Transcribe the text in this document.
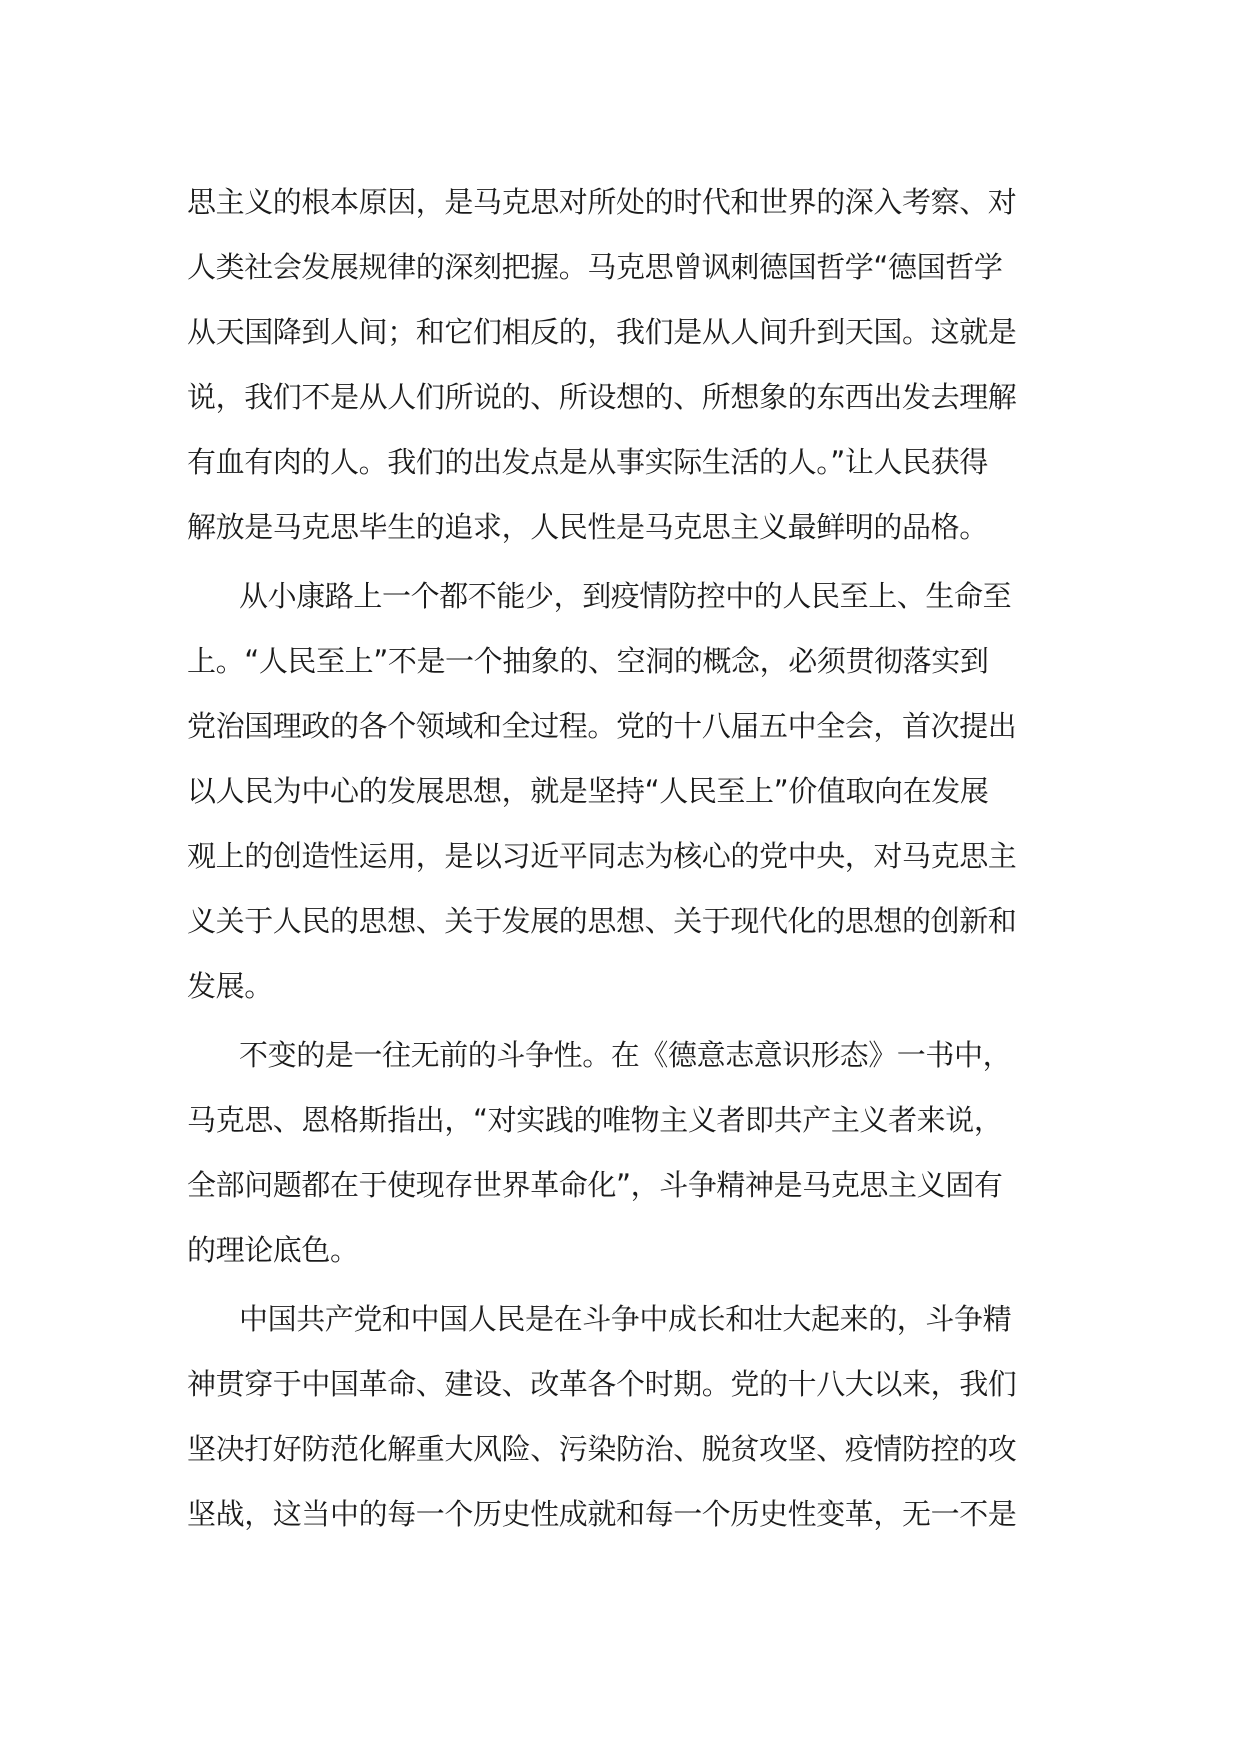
思主义的根本原因，是马克思对所处的时代和世界的深入考察、对
人类社会发展规律的深刻把握。马克思曾讽刺德国哲学“德国哲学
从天国降到人间；和它们相反的，我们是从人间升到天国。这就是
说，我们不是从人们所说的、所设想的、所想象的东西出发去理解
有血有肉的人。我们的出发点是从事实际生活的人。”让人民获得
解放是马克思毕生的追求，人民性是马克思主义最鲜明的品格。
从小康路上一个都不能少，到疫情防控中的人民至上、生命至
上。“人民至上”不是一个抽象的、空洞的概念，必须贯彻落实到
党治国理政的各个领域和全过程。党的十八届五中全会，首次提出
以人民为中心的发展思想，就是坚持“人民至上”价值取向在发展
观上的创造性运用，是以习近平同志为核心的党中央，对马克思主
义关于人民的思想、关于发展的思想、关于现代化的思想的创新和
发展。
不变的是一往无前的斗争性。在《德意志意识形态》一书中，
马克思、恩格斯指出，“对实践的唯物主义者即共产主义者来说，
全部问题都在于使现存世界革命化”，斗争精神是马克思主义固有
的理论底色。
中国共产党和中国人民是在斗争中成长和壮大起来的，斗争精
神贯穿于中国革命、建设、改革各个时期。党的十八大以来，我们
坚决打好防范化解重大风险、污染防治、脱贫攻坚、疫情防控的攻
坚战，这当中的每一个历史性成就和每一个历史性变革，无一不是
